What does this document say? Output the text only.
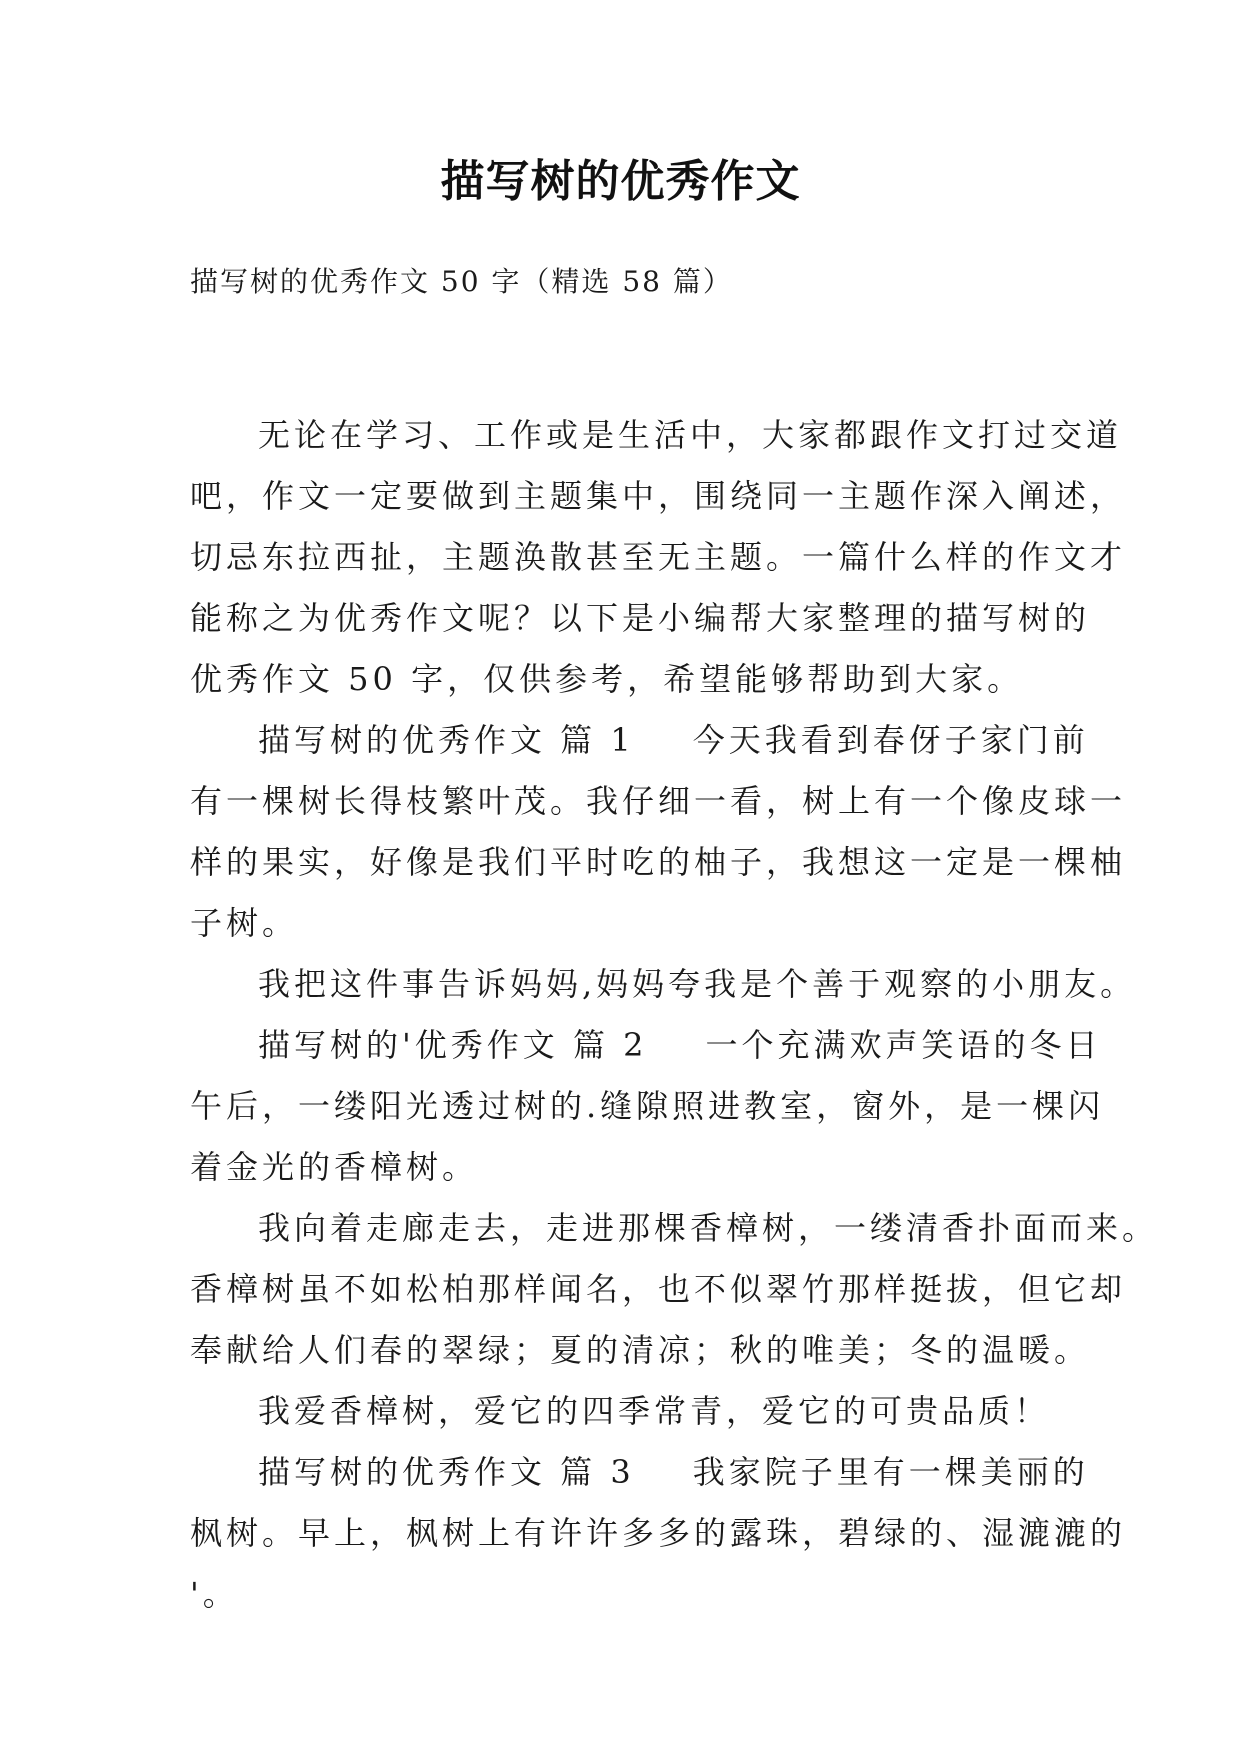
描写树的优秀作文
描写树的优秀作文 50 字（精选 58 篇）
无论在学习、工作或是生活中，大家都跟作文打过交道
吧，作文一定要做到主题集中，围绕同一主题作深入阐述，
切忌东拉西扯，主题涣散甚至无主题。一篇什么样的作文才
能称之为优秀作文呢？以下是小编帮大家整理的描写树的
优秀作文 50 字，仅供参考，希望能够帮助到大家。
描写树的优秀作文 篇 1 今天我看到春伢子家门前
有一棵树长得枝繁叶茂。我仔细一看，树上有一个像皮球一
样的果实，好像是我们平时吃的柚子，我想这一定是一棵柚
子树。
我把这件事告诉妈妈,妈妈夸我是个善于观察的小朋友。
描写树的'优秀作文 篇 2 一个充满欢声笑语的冬日
午后，一缕阳光透过树的.缝隙照进教室，窗外，是一棵闪
着金光的香樟树。
我向着走廊走去，走进那棵香樟树，一缕清香扑面而来。
香樟树虽不如松柏那样闻名，也不似翠竹那样挺拔，但它却
奉献给人们春的翠绿；夏的清凉；秋的唯美；冬的温暖。
我爱香樟树，爱它的四季常青，爱它的可贵品质！
描写树的优秀作文 篇 3 我家院子里有一棵美丽的
枫树。早上，枫树上有许许多多的露珠，碧绿的、湿漉漉的
'。
